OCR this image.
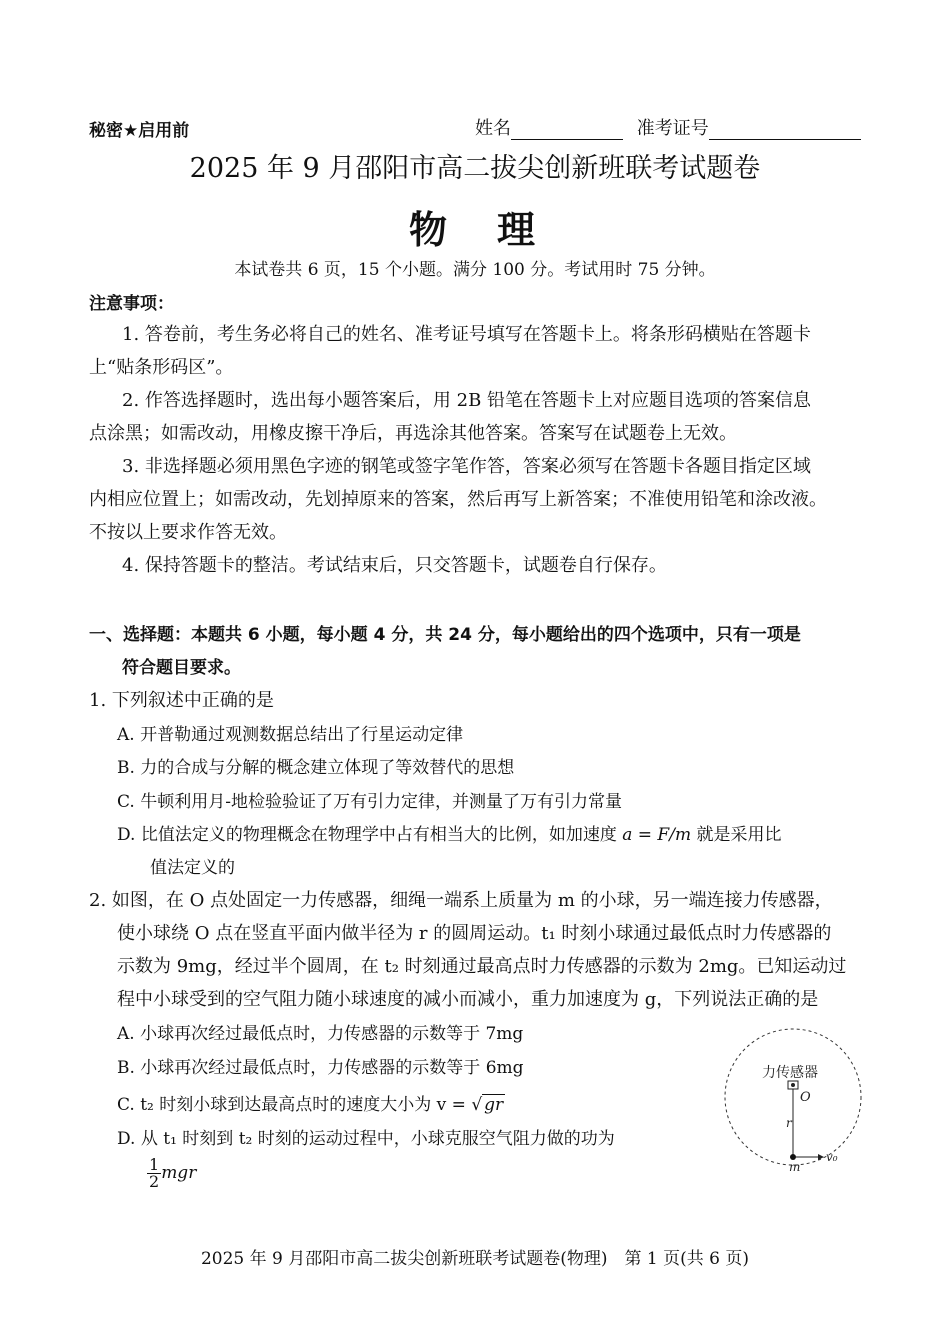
秘密★启用前	姓名	准考证号
2025 年 9 月邵阳市高二拔尖创新班联考试题卷
物　理
本试卷共 6 页，15 个小题。满分 100 分。考试用时 75 分钟。
注意事项：
1. 答卷前，考生务必将自己的姓名、准考证号填写在答题卡上。将条形码横贴在答题卡
上“贴条形码区”。
2. 作答选择题时，选出每小题答案后，用 2B 铅笔在答题卡上对应题目选项的答案信息
点涂黑；如需改动，用橡皮擦干净后，再选涂其他答案。答案写在试题卷上无效。
3. 非选择题必须用黑色字迹的钢笔或签字笔作答，答案必须写在答题卡各题目指定区域
内相应位置上；如需改动，先划掉原来的答案，然后再写上新答案；不准使用铅笔和涂改液。
不按以上要求作答无效。
4. 保持答题卡的整洁。考试结束后，只交答题卡，试题卷自行保存。
一、选择题：本题共 6 小题，每小题 4 分，共 24 分，每小题给出的四个选项中，只有一项是
符合题目要求。
1. 下列叙述中正确的是
A. 开普勒通过观测数据总结出了行星运动定律
B. 力的合成与分解的概念建立体现了等效替代的思想
C. 牛顿利用月-地检验验证了万有引力定律，并测量了万有引力常量
D. 比值法定义的物理概念在物理学中占有相当大的比例，如加速度 a = F/m 就是采用比
值法定义的
2. 如图，在 O 点处固定一力传感器，细绳一端系上质量为 m 的小球，另一端连接力传感器，
使小球绕 O 点在竖直平面内做半径为 r 的圆周运动。t₁ 时刻小球通过最低点时力传感器的
示数为 9mg，经过半个圆周，在 t₂ 时刻通过最高点时力传感器的示数为 2mg。已知运动过
程中小球受到的空气阻力随小球速度的减小而减小，重力加速度为 g，下列说法正确的是
A. 小球再次经过最低点时，力传感器的示数等于 7mg
B. 小球再次经过最低点时，力传感器的示数等于 6mg
C. t₂ 时刻小球到达最高点时的速度大小为 v = √ gr
D. 从 t₁ 时刻到 t₂ 时刻的运动过程中，小球克服空气阻力做的功为
$\frac{1}{2}$ mgr
力传感器
O
r
m
v₀
2025 年 9 月邵阳市高二拔尖创新班联考试题卷(物理)　第 1 页(共 6 页)
